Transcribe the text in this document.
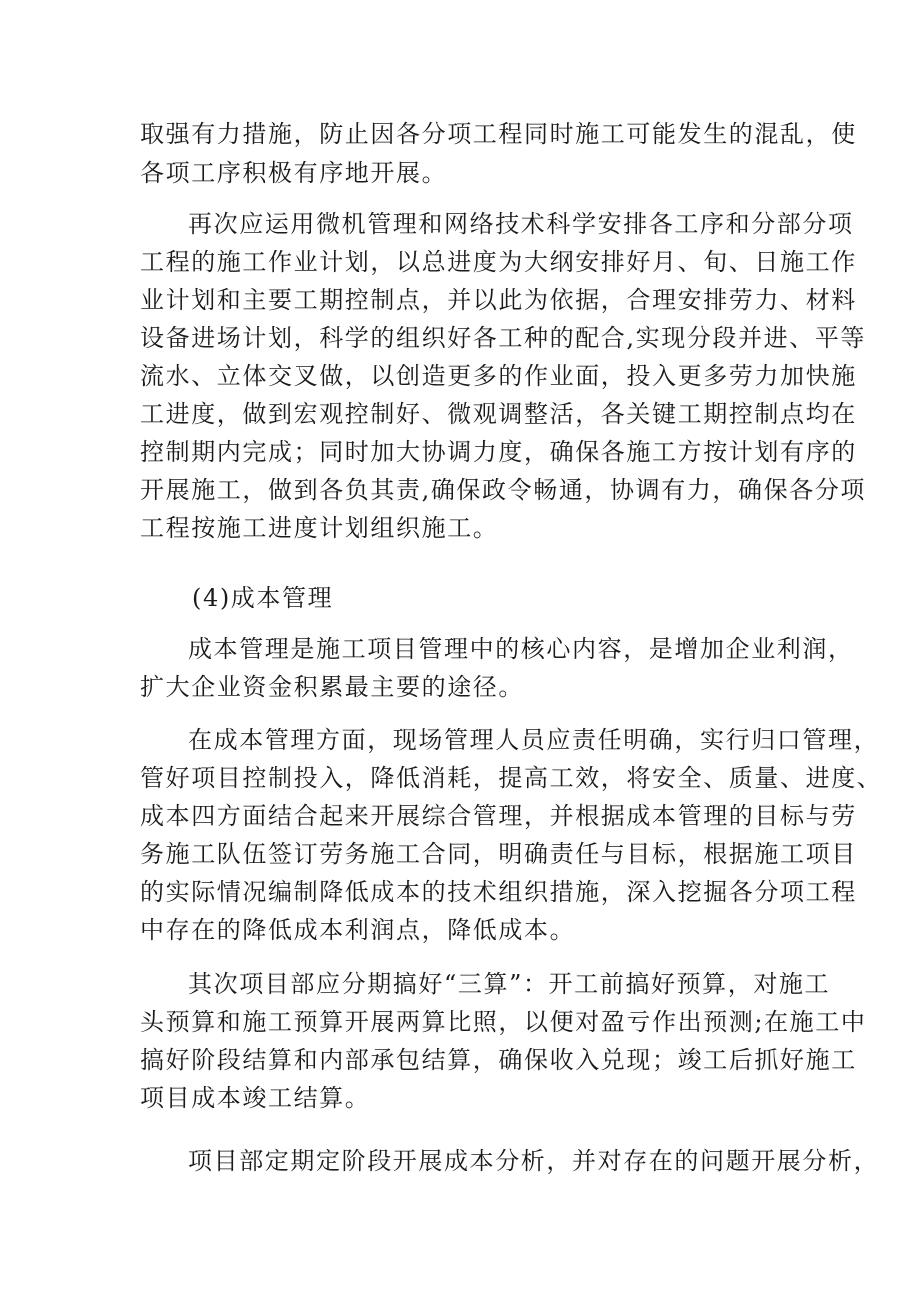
取强有力措施，防止因各分项工程同时施工可能发生的混乱，使
各项工序积极有序地开展。
再次应运用微机管理和网络技术科学安排各工序和分部分项
工程的施工作业计划，以总进度为大纲安排好月、旬、日施工作
业计划和主要工期控制点，并以此为依据，合理安排劳力、材料
设备进场计划，科学的组织好各工种的配合,实现分段并进、平等
流水、立体交叉做，以创造更多的作业面，投入更多劳力加快施
工进度，做到宏观控制好、微观调整活，各关键工期控制点均在
控制期内完成；同时加大协调力度，确保各施工方按计划有序的
开展施工，做到各负其责,确保政令畅通，协调有力，确保各分项
工程按施工进度计划组织施工。
(4)成本管理
成本管理是施工项目管理中的核心内容，是增加企业利润，
扩大企业资金积累最主要的途径。
在成本管理方面，现场管理人员应责任明确，实行归口管理，
管好项目控制投入，降低消耗，提高工效，将安全、质量、进度、
成本四方面结合起来开展综合管理，并根据成本管理的目标与劳
务施工队伍签订劳务施工合同，明确责任与目标，根据施工项目
的实际情况编制降低成本的技术组织措施，深入挖掘各分项工程
中存在的降低成本利润点，降低成本。
其次项目部应分期搞好“三算”：开工前搞好预算，对施工
头预算和施工预算开展两算比照，以便对盈亏作出预测;在施工中
搞好阶段结算和内部承包结算，确保收入兑现；竣工后抓好施工
项目成本竣工结算。
项目部定期定阶段开展成本分析，并对存在的问题开展分析，
